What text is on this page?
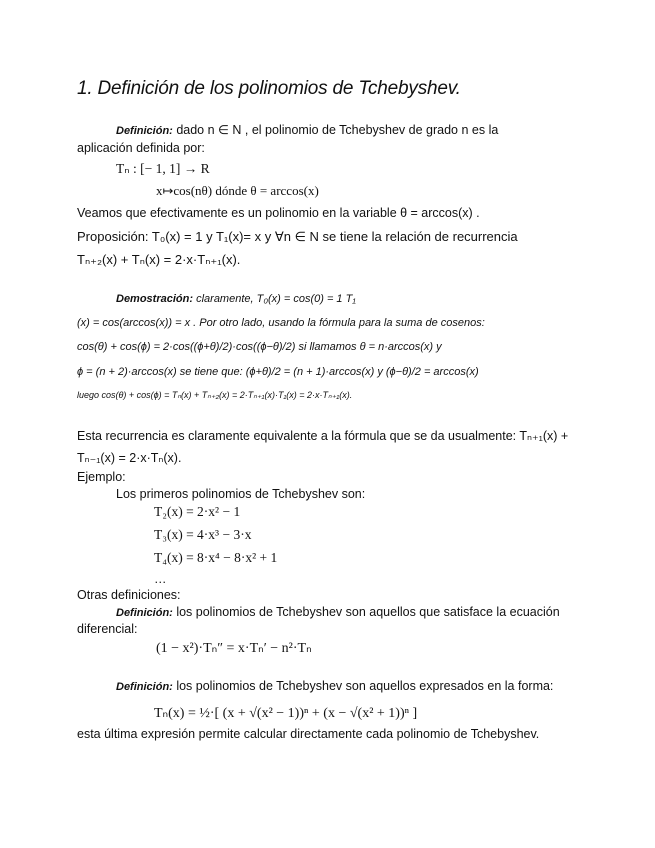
1. Definición de los polinomios de Tchebyshev.
Definición: dado n ∈ N , el polinomio de Tchebyshev de grado n es la
aplicación definida por:
Tₙ : [− 1, 1] → R
x↦cos(nθ) dónde θ = arccos(x)
Veamos que efectivamente es un polinomio en la variable θ = arccos(x) .
Proposición: T₀(x) = 1 y T₁(x)= x y ∀n ∈ N se tiene la relación de recurrencia
Tₙ₊₂(x) + Tₙ(x) = 2·x·Tₙ₊₁(x).
Demostración: claramente, T₀(x) = cos(0) = 1 T₁
(x) = cos(arccos(x)) = x . Por otro lado, usando la fórmula para la suma de cosenos:
cos(θ) + cos(ϕ) = 2·cos((ϕ+θ)/2)·cos((ϕ−θ)/2) si llamamos θ = n·arccos(x) y
ϕ = (n + 2)·arccos(x) se tiene que: (ϕ+θ)/2 = (n + 1)·arccos(x) y (ϕ−θ)/2 = arccos(x)
luego cos(θ) + cos(ϕ) = Tₙ(x) + Tₙ₊₂(x) = 2·Tₙ₊₁(x)·T₁(x) = 2·x·Tₙ₊₁(x).
Esta recurrencia es claramente equivalente a la fórmula que se da usualmente: Tₙ₊₁(x) +
Tₙ₋₁(x) = 2·x·Tₙ(x).
Ejemplo:
Los primeros polinomios de Tchebyshev son:
T₂(x) = 2·x² − 1
T₃(x) = 4·x³ − 3·x
T₄(x) = 8·x⁴ − 8·x² + 1
…
Otras definiciones:
Definición: los polinomios de Tchebyshev son aquellos que satisface la ecuación
diferencial:
(1 − x²)·Tₙ″ = x·Tₙ′ − n²·Tₙ
Definición: los polinomios de Tchebyshev son aquellos expresados en la forma:
Tₙ(x) = ½·[ (x + √(x² − 1))ⁿ + (x − √(x² + 1))ⁿ ]
esta última expresión permite calcular directamente cada polinomio de Tchebyshev.
